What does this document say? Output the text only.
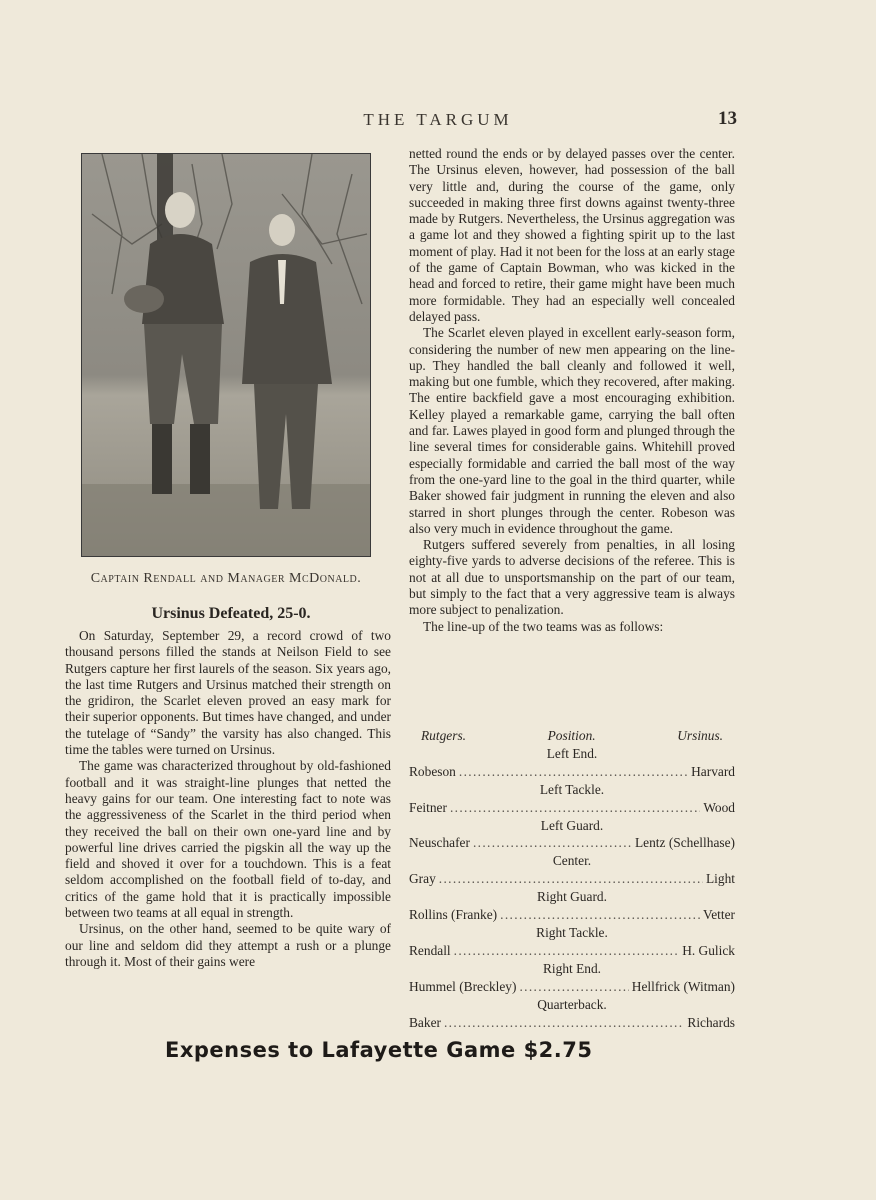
THE TARGUM	13
Captain Rendall and Manager McDonald.
Ursinus Defeated, 25-0.

On Saturday, September 29, a record crowd of two thousand persons filled the stands at Neilson Field to see Rutgers capture her first laurels of the season. Six years ago, the last time Rutgers and Ursinus matched their strength on the gridiron, the Scarlet eleven proved an easy mark for their superior opponents. But times have changed, and under the tutelage of “Sandy” the varsity has also changed. This time the tables were turned on Ursinus.

The game was characterized throughout by old-fashioned football and it was straight-line plunges that netted the heavy gains for our team. One interesting fact to note was the aggressiveness of the Scarlet in the third period when they received the ball on their own one-yard line and by powerful line drives carried the pigskin all the way up the field and shoved it over for a touchdown. This is a feat seldom accomplished on the football field of to-day, and critics of the game hold that it is practically impossible between two teams at all equal in strength.

Ursinus, on the other hand, seemed to be quite wary of our line and seldom did they attempt a rush or a plunge through it. Most of their gains were

netted round the ends or by delayed passes over the center. The Ursinus eleven, however, had possession of the ball very little and, during the course of the game, only succeeded in making three first downs against twenty-three made by Rutgers. Nevertheless, the Ursinus aggregation was a game lot and they showed a fighting spirit up to the last moment of play. Had it not been for the loss at an early stage of the game of Captain Bowman, who was kicked in the head and forced to retire, their game might have been much more formidable. They had an especially well concealed delayed pass.

The Scarlet eleven played in excellent early-season form, considering the number of new men appearing on the line-up. They handled the ball cleanly and followed it well, making but one fumble, which they recovered, after making. The entire backfield gave a most encouraging exhibition. Kelley played a remarkable game, carrying the ball often and far. Lawes played in good form and plunged through the line several times for considerable gains. Whitehill proved especially formidable and carried the ball most of the way from the one-yard line to the goal in the third quarter, while Baker showed fair judgment in running the eleven and also starred in short plunges through the center. Robeson was also very much in evidence throughout the game.

Rutgers suffered severely from penalties, in all losing eighty-five yards to adverse decisions of the referee. This is not at all due to unsportsmanship on the part of our team, but simply to the fact that a very aggressive team is always more subject to penalization.

The line-up of the two teams was as follows:

Rutgers.	Position.	Ursinus.
Left End.
Robeson . . .	Harvard
Left Tackle.
Feitner . . .	Wood
Left Guard.
Neuschafer . . .	Lentz (Schellhase)
Center.
Gray . . .	Light
Right Guard.
Rollins (Franke) . . .	Vetter
Right Tackle.
Rendall . . .	H. Gulick
Right End.
Hummel (Breckley) . . .	Hellfrick (Witman)
Quarterback.
Baker . . .	Richards
Expenses to Lafayette Game $2.75
